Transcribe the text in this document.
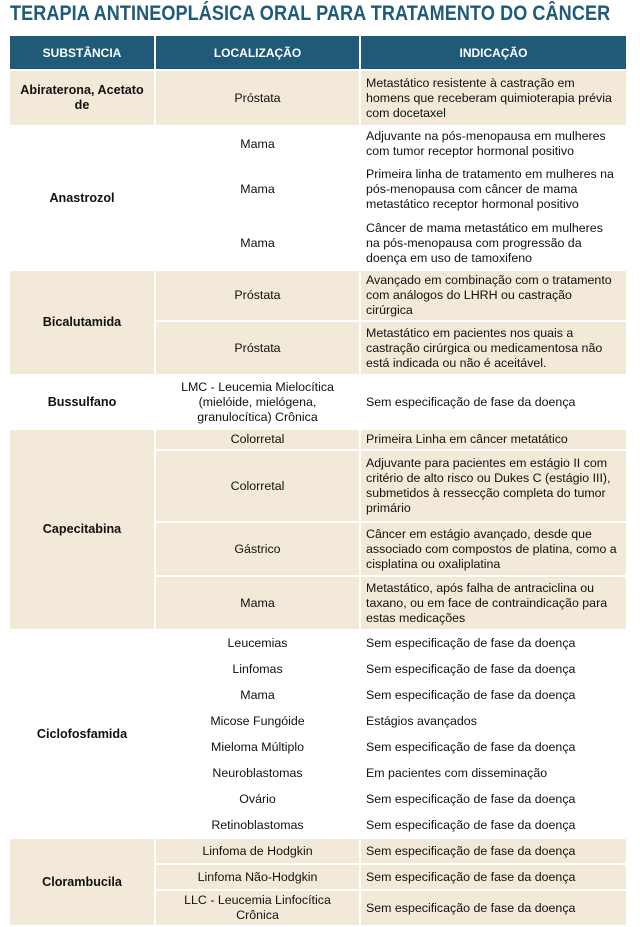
TERAPIA ANTINEOPLÁSICA ORAL PARA TRATAMENTO DO CÂNCER
SUBSTÂNCIA	LOCALIZAÇÃO	INDICAÇÃO
Abiraterona, Acetato de	Próstata	Metastático resistente à castração em homens que receberam quimioterapia prévia com docetaxel
Anastrozol	Mama	Adjuvante na pós-menopausa em mulheres com tumor receptor hormonal positivo
	Mama	Primeira linha de tratamento em mulheres na pós-menopausa com câncer de mama metastático receptor hormonal positivo
	Mama	Câncer de mama metastático em mulheres na pós-menopausa com progressão da doença em uso de tamoxifeno
Bicalutamida	Próstata	Avançado em combinação com o tratamento com análogos do LHRH ou castração cirúrgica
	Próstata	Metastático em pacientes nos quais a castração cirúrgica ou medicamentosa não está indicada ou não é aceitável.
Bussulfano	LMC - Leucemia Mielocítica (mielóide, mielógena, granulocítica) Crônica	Sem especificação de fase da doença
Capecitabina	Colorretal	Primeira Linha em câncer metatático
	Colorretal	Adjuvante para pacientes em estágio II com critério de alto risco ou Dukes C (estágio III), submetidos à ressecção completa do tumor primário
	Gástrico	Câncer em estágio avançado, desde que associado com compostos de platina, como a cisplatina ou oxaliplatina
	Mama	Metastático, após falha de antraciclina ou taxano, ou em face de contraindicação para estas medicações
Ciclofosfamida	Leucemias	Sem especificação de fase da doença
	Linfomas	Sem especificação de fase da doença
	Mama	Sem especificação de fase da doença
	Micose Fungóide	Estágios avançados
	Mieloma Múltiplo	Sem especificação de fase da doença
	Neuroblastomas	Em pacientes com disseminação
	Ovário	Sem especificação de fase da doença
	Retinoblastomas	Sem especificação de fase da doença
Clorambucila	Linfoma de Hodgkin	Sem especificação de fase da doença
	Linfoma Não-Hodgkin	Sem especificação de fase da doença
	LLC - Leucemia Linfocítica Crônica	Sem especificação de fase da doença
